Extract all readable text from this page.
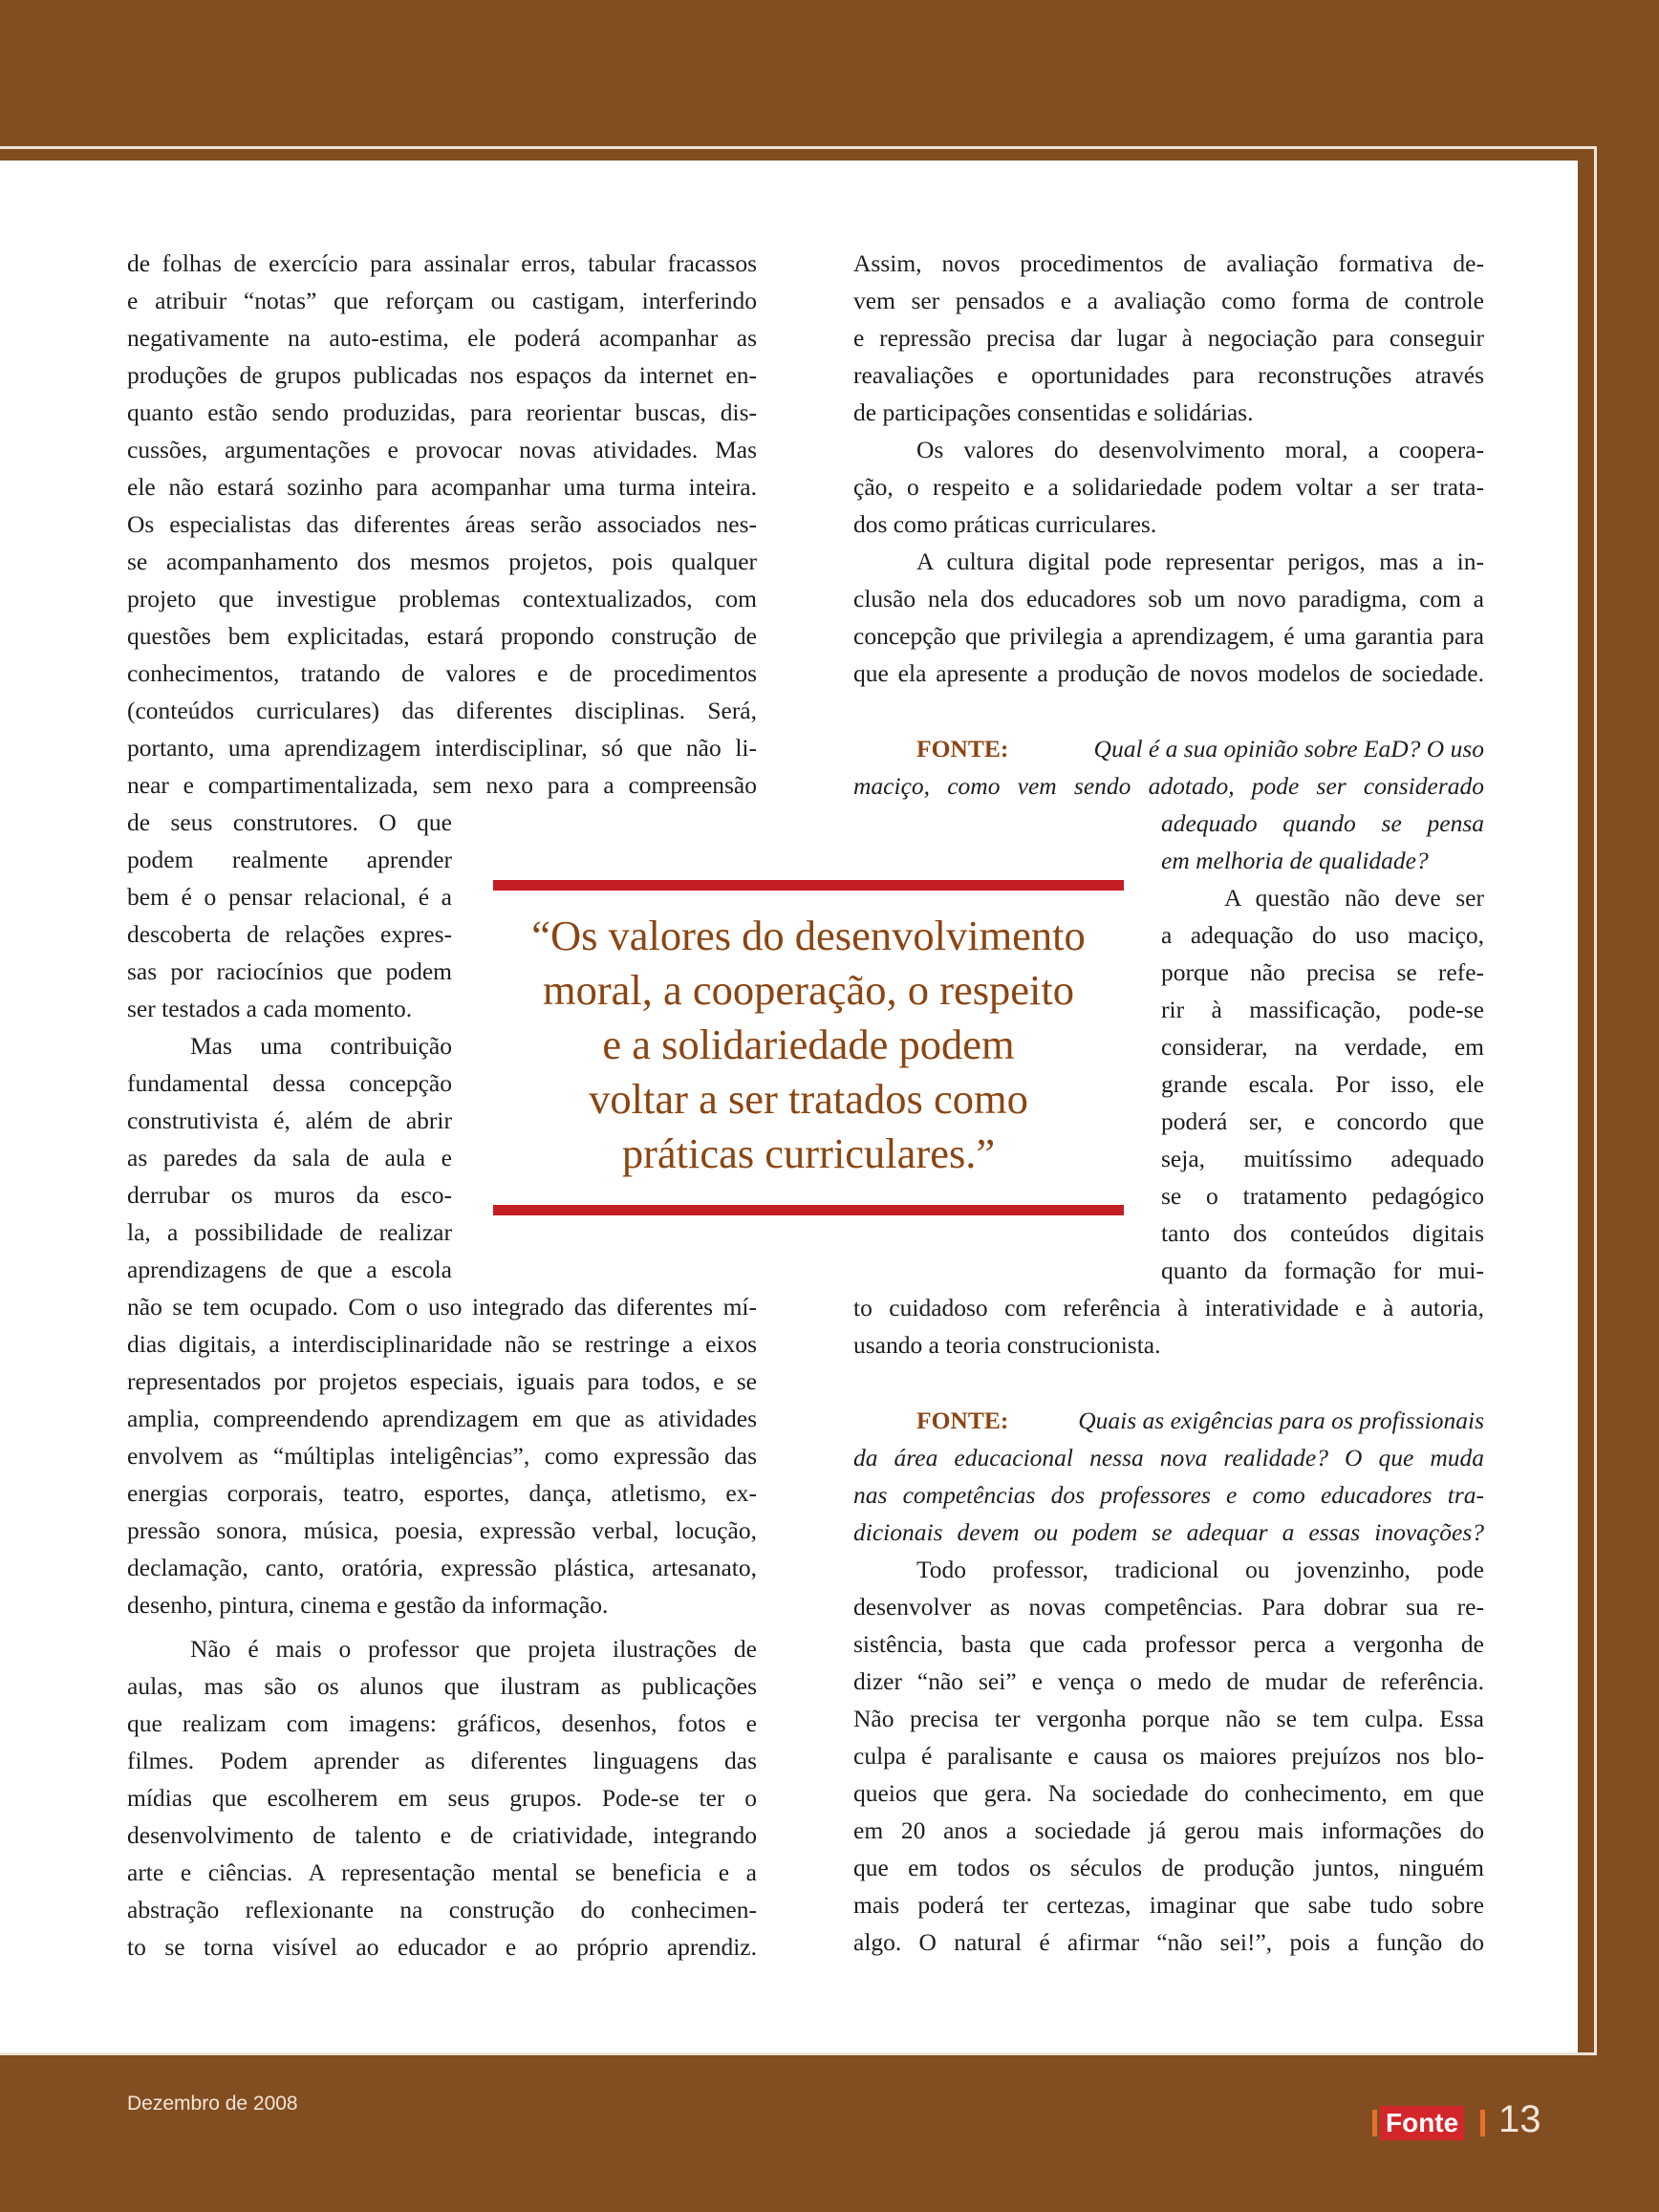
de folhas de exercício para assinalar erros, tabular fracassos
e atribuir “notas” que reforçam ou castigam, interferindo
negativamente na auto-estima, ele poderá acompanhar as
produções de grupos publicadas nos espaços da internet en-
quanto estão sendo produzidas, para reorientar buscas, dis-
cussões, argumentações e provocar novas atividades. Mas
ele não estará sozinho para acompanhar uma turma inteira.
Os especialistas das diferentes áreas serão associados nes-
se acompanhamento dos mesmos projetos, pois qualquer
projeto que investigue problemas contextualizados, com
questões bem explicitadas, estará propondo construção de
conhecimentos, tratando de valores e de procedimentos
(conteúdos curriculares) das diferentes disciplinas. Será,
portanto, uma aprendizagem interdisciplinar, só que não li-
near e compartimentalizada, sem nexo para a compreensão
de seus construtores. O que
podem realmente aprender
bem é o pensar relacional, é a
descoberta de relações expres-
sas por raciocínios que podem
ser testados a cada momento.
Mas uma contribuição
fundamental dessa concepção
construtivista é, além de abrir
as paredes da sala de aula e
derrubar os muros da esco-
la, a possibilidade de realizar
aprendizagens de que a escola
não se tem ocupado. Com o uso integrado das diferentes mí-
dias digitais, a interdisciplinaridade não se restringe a eixos
representados por projetos especiais, iguais para todos, e se
amplia, compreendendo aprendizagem em que as atividades
envolvem as “múltiplas inteligências”, como expressão das
energias corporais, teatro, esportes, dança, atletismo, ex-
pressão sonora, música, poesia, expressão verbal, locução,
declamação, canto, oratória, expressão plástica, artesanato,
desenho, pintura, cinema e gestão da informação.
Não é mais o professor que projeta ilustrações de
aulas, mas são os alunos que ilustram as publicações
que realizam com imagens: gráficos, desenhos, fotos e
filmes. Podem aprender as diferentes linguagens das
mídias que escolherem em seus grupos. Pode-se ter o
desenvolvimento de talento e de criatividade, integrando
arte e ciências. A representação mental se beneficia e a
abstração reflexionante na construção do conhecimen-
to se torna visível ao educador e ao próprio aprendiz.
Assim, novos procedimentos de avaliação formativa de-
vem ser pensados e a avaliação como forma de controle
e repressão precisa dar lugar à negociação para conseguir
reavaliações e oportunidades para reconstruções através
de participações consentidas e solidárias.
Os valores do desenvolvimento moral, a coopera-
ção, o respeito e a solidariedade podem voltar a ser trata-
dos como práticas curriculares.
A cultura digital pode representar perigos, mas a in-
clusão nela dos educadores sob um novo paradigma, com a
concepção que privilegia a aprendizagem, é uma garantia para
que ela apresente a produção de novos modelos de sociedade.
FONTE:	Qual é a sua opinião sobre EaD? O uso
maciço, como vem sendo adotado, pode ser considerado
adequado quando se pensa
em melhoria de qualidade?
A questão não deve ser
a adequação do uso maciço,
porque não precisa se refe-
rir à massificação, pode-se
considerar, na verdade, em
grande escala. Por isso, ele
poderá ser, e concordo que
seja, muitíssimo adequado
se o tratamento pedagógico
tanto dos conteúdos digitais
quanto da formação for mui-
to cuidadoso com referência à interatividade e à autoria,
usando a teoria construcionista.
FONTE:	Quais as exigências para os profissionais
da área educacional nessa nova realidade? O que muda
nas competências dos professores e como educadores tra-
dicionais devem ou podem se adequar a essas inovações?
Todo professor, tradicional ou jovenzinho, pode
desenvolver as novas competências. Para dobrar sua re-
sistência, basta que cada professor perca a vergonha de
dizer “não sei” e vença o medo de mudar de referência.
Não precisa ter vergonha porque não se tem culpa. Essa
culpa é paralisante e causa os maiores prejuízos nos blo-
queios que gera. Na sociedade do conhecimento, em que
em 20 anos a sociedade já gerou mais informações do
que em todos os séculos de produção juntos, ninguém
mais poderá ter certezas, imaginar que sabe tudo sobre
algo. O natural é afirmar “não sei!”, pois a função do
“Os valores do desenvolvimento
moral, a cooperação, o respeito
e a solidariedade podem
voltar a ser tratados como
práticas curriculares.”
Dezembro de 2008
Fonte 13
